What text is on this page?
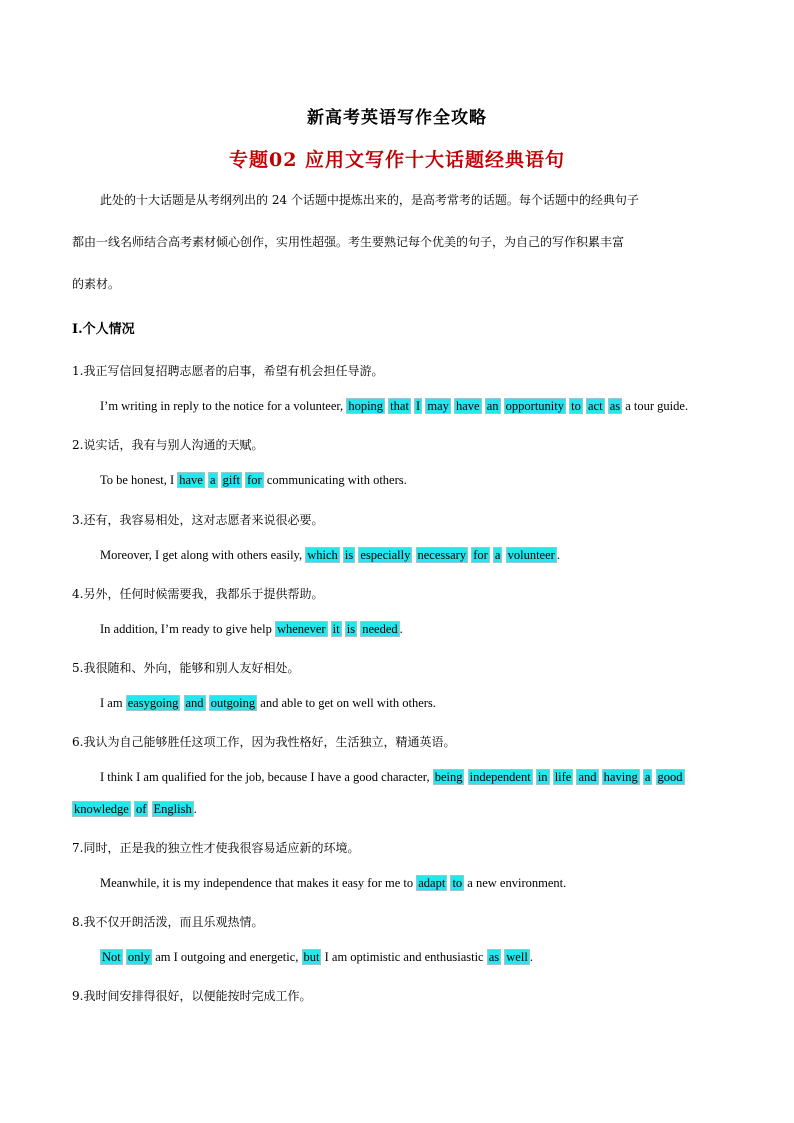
新高考英语写作全攻略
专题02 应用文写作十大话题经典语句
此处的十大话题是从考纲列出的 24 个话题中提炼出来的，是高考常考的话题。每个话题中的经典句子
都由一线名师结合高考素材倾心创作，实用性超强。考生要熟记每个优美的句子，为自己的写作积累丰富
的素材。
I.个人情况
1.我正写信回复招聘志愿者的启事，希望有机会担任导游。
I’m writing in reply to the notice for a volunteer, hoping that I may have an opportunity to act as a tour guide.
2.说实话，我有与别人沟通的天赋。
To be honest, I have a gift for communicating with others.
3.还有，我容易相处，这对志愿者来说很必要。
Moreover, I get along with others easily, which is especially necessary for a volunteer .
4.另外，任何时候需要我，我都乐于提供帮助。
In addition, I’m ready to give help whenever it is needed .
5.我很随和、外向，能够和别人友好相处。
I am easygoing and outgoing and able to get on well with others.
6.我认为自己能够胜任这项工作，因为我性格好，生活独立，精通英语。
I think I am qualified for the job, because I have a good character, being independent in life and having a good
knowledge of English .
7.同时，正是我的独立性才使我很容易适应新的环境。
Meanwhile, it is my independence that makes it easy for me to adapt to a new environment.
8.我不仅开朗活泼，而且乐观热情。
Not only am I outgoing and energetic, but I am optimistic and enthusiastic as well .
9.我时间安排得很好，以便能按时完成工作。
